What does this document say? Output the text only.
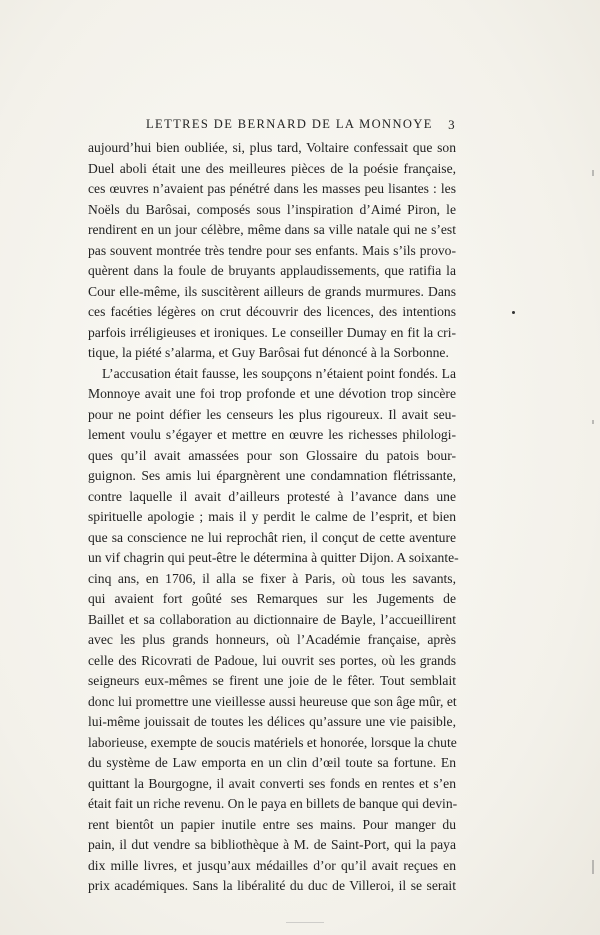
LETTRES DE BERNARD DE LA MONNOYE 3
aujourd’hui bien oubliée, si, plus tard, Voltaire confessait que son
Duel aboli était une des meilleures pièces de la poésie française,
ces œuvres n’avaient pas pénétré dans les masses peu lisantes : les
Noëls du Barôsai, composés sous l’inspiration d’Aimé Piron, le
rendirent en un jour célèbre, même dans sa ville natale qui ne s’est
pas souvent montrée très tendre pour ses enfants. Mais s’ils provo-
quèrent dans la foule de bruyants applaudissements, que ratifia la
Cour elle-même, ils suscitèrent ailleurs de grands murmures. Dans
ces facéties légères on crut découvrir des licences, des intentions
parfois irréligieuses et ironiques. Le conseiller Dumay en fit la cri-
tique, la piété s’alarma, et Guy Barôsai fut dénoncé à la Sorbonne.
L’accusation était fausse, les soupçons n’étaient point fondés. La
Monnoye avait une foi trop profonde et une dévotion trop sincère
pour ne point défier les censeurs les plus rigoureux. Il avait seu-
lement voulu s’égayer et mettre en œuvre les richesses philologi-
ques qu’il avait amassées pour son Glossaire du patois bour-
guignon. Ses amis lui épargnèrent une condamnation flétrissante,
contre laquelle il avait d’ailleurs protesté à l’avance dans une
spirituelle apologie ; mais il y perdit le calme de l’esprit, et bien
que sa conscience ne lui reprochât rien, il conçut de cette aventure
un vif chagrin qui peut-être le détermina à quitter Dijon. A soixante-
cinq ans, en 1706, il alla se fixer à Paris, où tous les savants,
qui avaient fort goûté ses Remarques sur les Jugements de
Baillet et sa collaboration au dictionnaire de Bayle, l’accueillirent
avec les plus grands honneurs, où l’Académie française, après
celle des Ricovrati de Padoue, lui ouvrit ses portes, où les grands
seigneurs eux-mêmes se firent une joie de le fêter. Tout semblait
donc lui promettre une vieillesse aussi heureuse que son âge mûr, et
lui-même jouissait de toutes les délices qu’assure une vie paisible,
laborieuse, exempte de soucis matériels et honorée, lorsque la chute
du système de Law emporta en un clin d’œil toute sa fortune. En
quittant la Bourgogne, il avait converti ses fonds en rentes et s’en
était fait un riche revenu. On le paya en billets de banque qui devin-
rent bientôt un papier inutile entre ses mains. Pour manger du
pain, il dut vendre sa bibliothèque à M. de Saint-Port, qui la paya
dix mille livres, et jusqu’aux médailles d’or qu’il avait reçues en
prix académiques. Sans la libéralité du duc de Villeroi, il se serait
